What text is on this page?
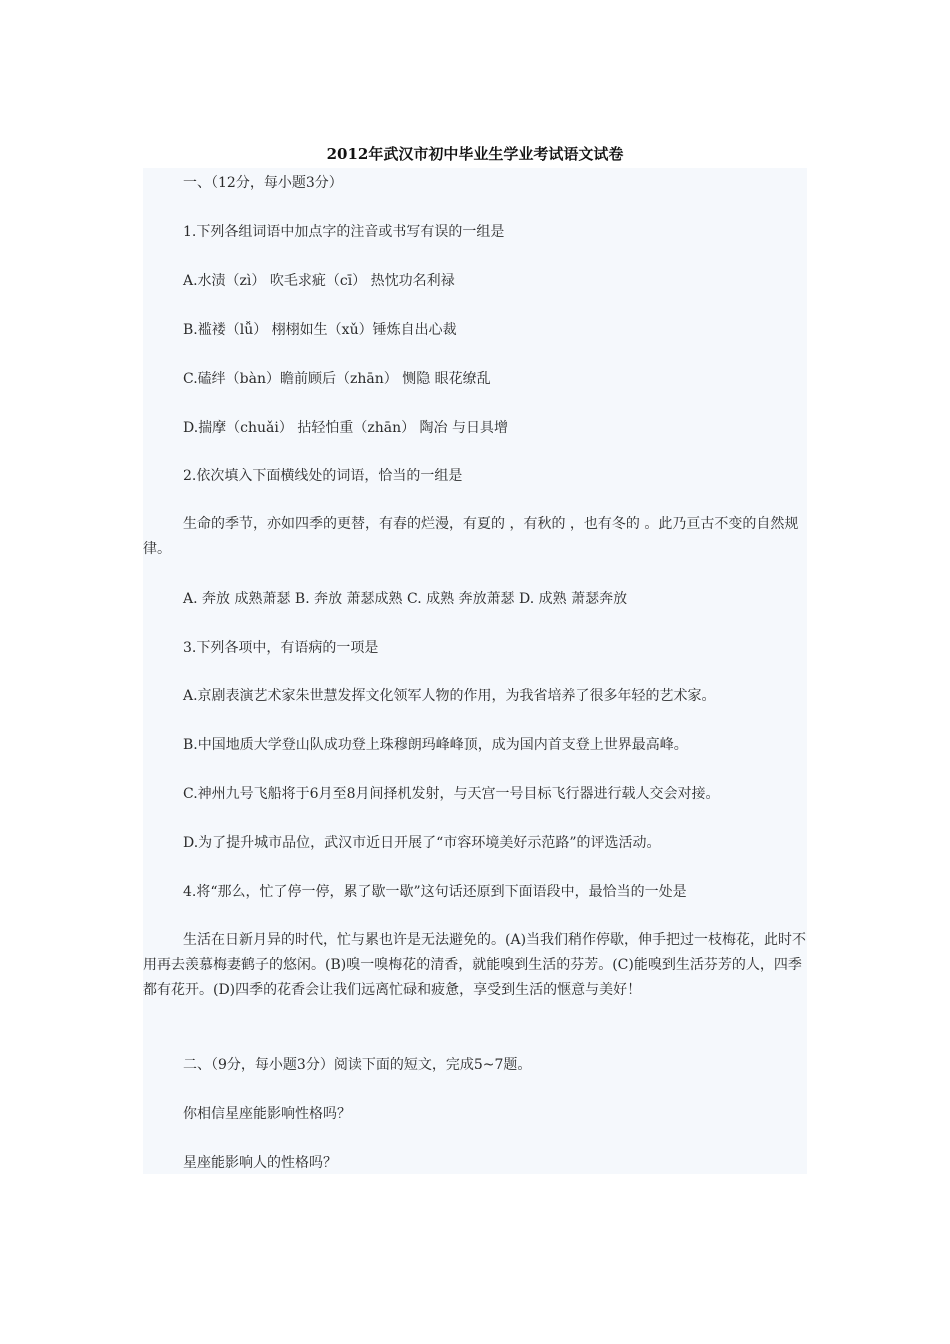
2012年武汉市初中毕业生学业考试语文试卷
一、（12分，每小题3分）
1.下列各组词语中加点字的注音或书写有误的一组是
A.水渍（zì） 吹毛求疵（cī） 热忱功名利禄
B.褴褛（lǚ） 栩栩如生（xǔ）锤炼自出心裁
C.磕绊（bàn）瞻前顾后（zhān） 恻隐 眼花缭乱
D.揣摩（chuǎi） 拈轻怕重（zhān） 陶冶 与日具增
2.依次填入下面横线处的词语，恰当的一组是
生命的季节，亦如四季的更替，有春的烂漫，有夏的 ，有秋的 ，也有冬的 。此乃亘古不变的自然规律。
A. 奔放 成熟萧瑟 B. 奔放 萧瑟成熟 C. 成熟 奔放萧瑟 D. 成熟 萧瑟奔放
3.下列各项中，有语病的一项是
A.京剧表演艺术家朱世慧发挥文化领军人物的作用，为我省培养了很多年轻的艺术家。
B.中国地质大学登山队成功登上珠穆朗玛峰峰顶，成为国内首支登上世界最高峰。
C.神州九号飞船将于6月至8月间择机发射，与天宫一号目标飞行器进行载人交会对接。
D.为了提升城市品位，武汉市近日开展了“市容环境美好示范路”的评选活动。
4.将“那么，忙了停一停，累了歇一歇”这句话还原到下面语段中，最恰当的一处是
生活在日新月异的时代，忙与累也许是无法避免的。(A)当我们稍作停歇，伸手把过一枝梅花，此时不用再去羡慕梅妻鹤子的悠闲。(B)嗅一嗅梅花的清香，就能嗅到生活的芬芳。(C)能嗅到生活芬芳的人，四季都有花开。(D)四季的花香会让我们远离忙碌和疲惫，享受到生活的惬意与美好！
二、（9分，每小题3分）阅读下面的短文，完成5~7题。
你相信星座能影响性格吗？
星座能影响人的性格吗？
